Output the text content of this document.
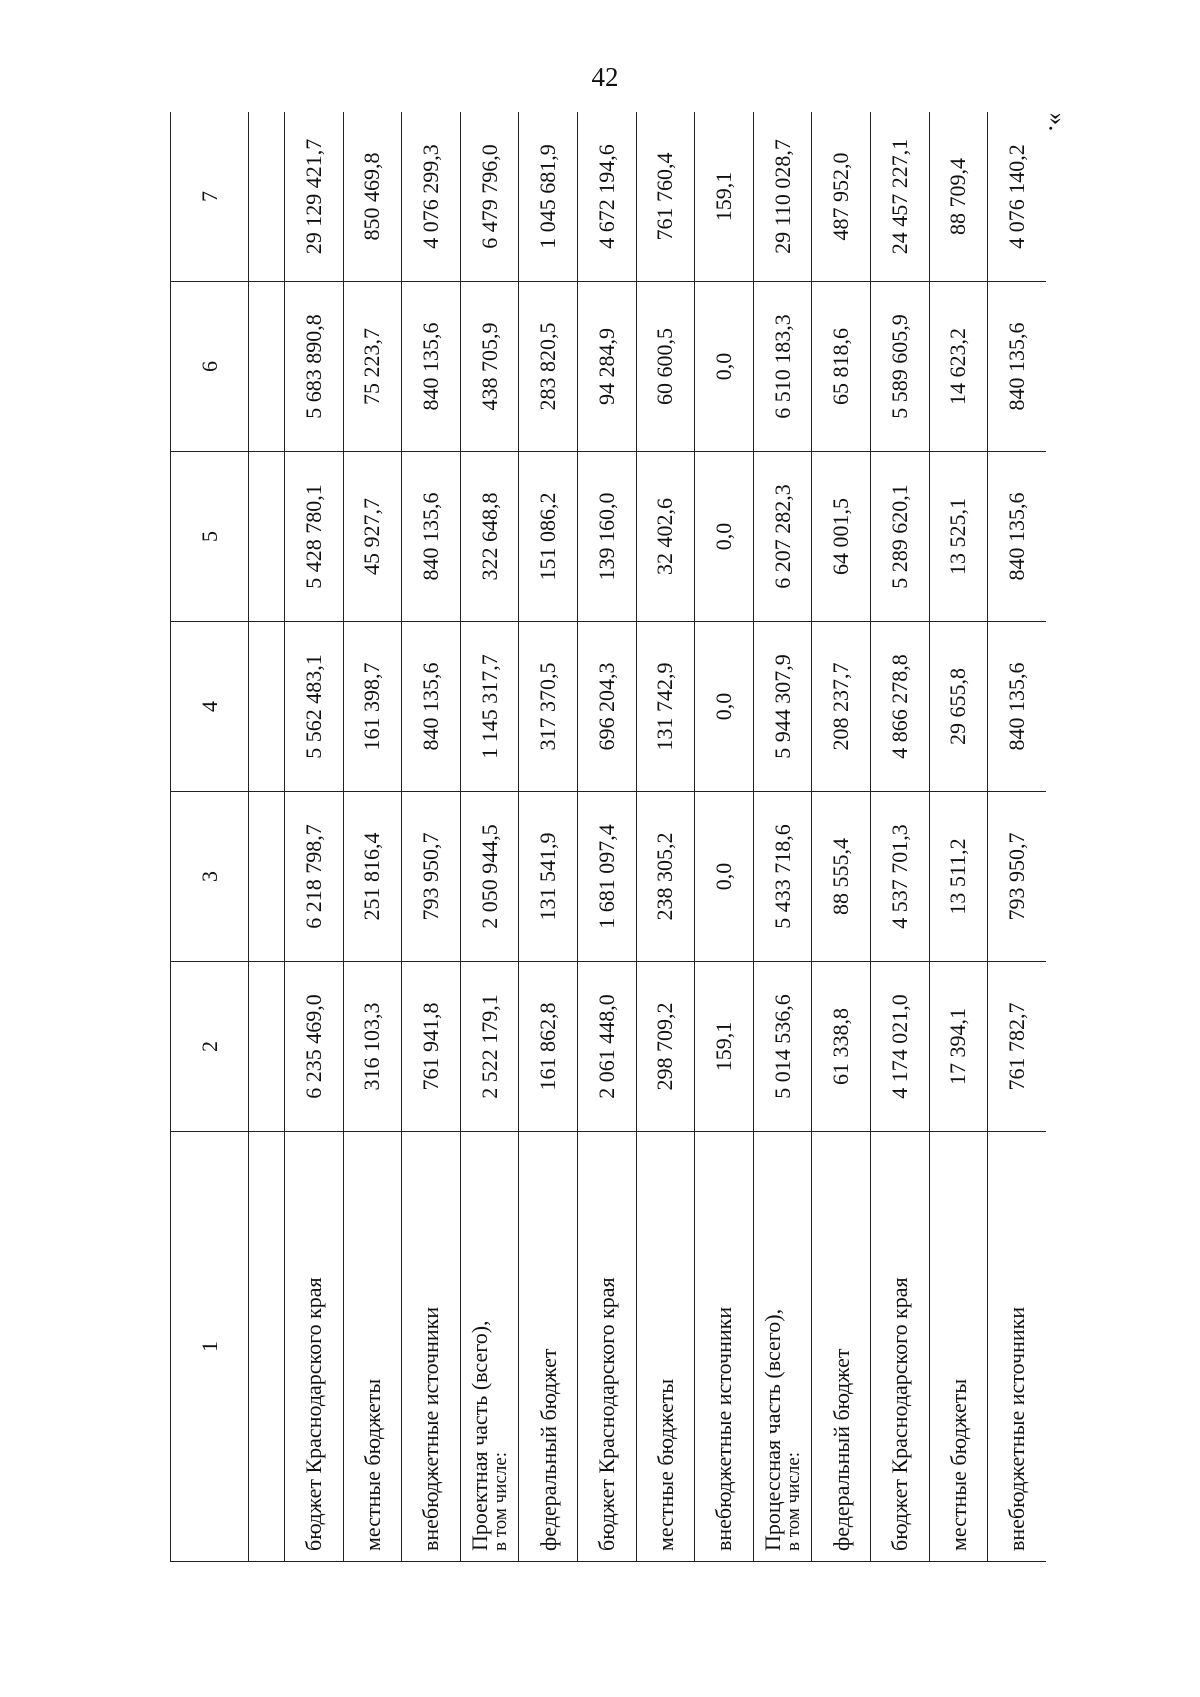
42
».
1	2	3	4	5	6	7

бюджет Краснодарского края	6 235 469,0	6 218 798,7	5 562 483,1	5 428 780,1	5 683 890,8	29 129 421,7
местные бюджеты	316 103,3	251 816,4	161 398,7	45 927,7	75 223,7	850 469,8
внебюджетные источники	761 941,8	793 950,7	840 135,6	840 135,6	840 135,6	4 076 299,3
Проектная часть (всего),
в том числе:	2 522 179,1	2 050 944,5	1 145 317,7	322 648,8	438 705,9	6 479 796,0
федеральный бюджет	161 862,8	131 541,9	317 370,5	151 086,2	283 820,5	1 045 681,9
бюджет Краснодарского края	2 061 448,0	1 681 097,4	696 204,3	139 160,0	94 284,9	4 672 194,6
местные бюджеты	298 709,2	238 305,2	131 742,9	32 402,6	60 600,5	761 760,4
внебюджетные источники	159,1	0,0	0,0	0,0	0,0	159,1
Процессная часть (всего),
в том числе:	5 014 536,6	5 433 718,6	5 944 307,9	6 207 282,3	6 510 183,3	29 110 028,7
федеральный бюджет	61 338,8	88 555,4	208 237,7	64 001,5	65 818,6	487 952,0
бюджет Краснодарского края	4 174 021,0	4 537 701,3	4 866 278,8	5 289 620,1	5 589 605,9	24 457 227,1
местные бюджеты	17 394,1	13 511,2	29 655,8	13 525,1	14 623,2	88 709,4
внебюджетные источники	761 782,7	793 950,7	840 135,6	840 135,6	840 135,6	4 076 140,2
